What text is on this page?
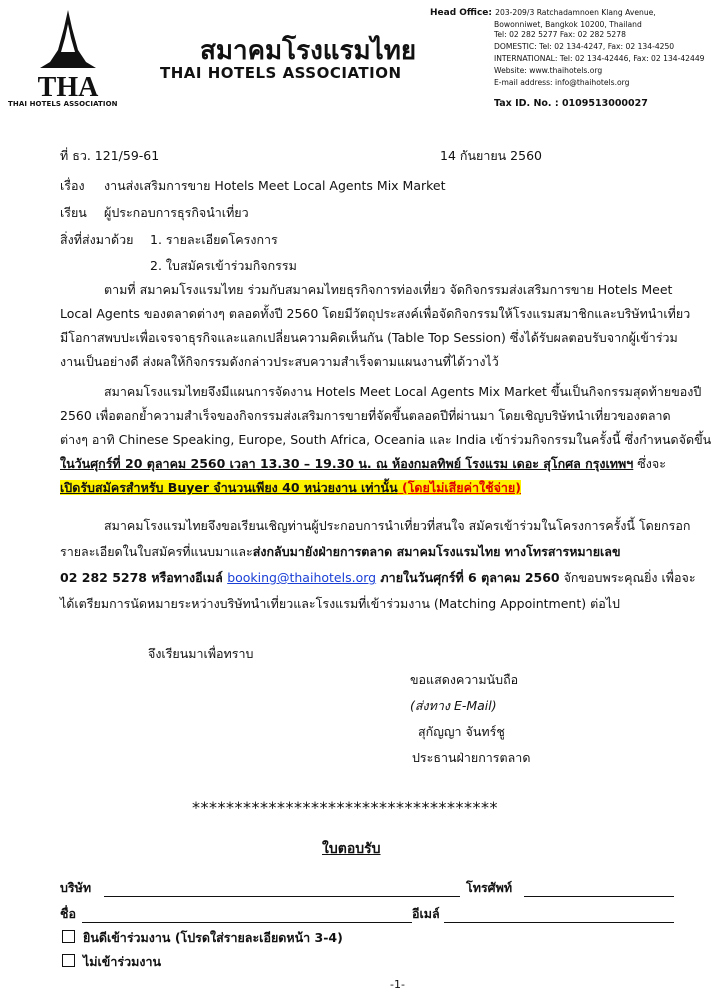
THA
THAI HOTELS ASSOCIATION
สมาคมโรงแรมไทย
THAI HOTELS ASSOCIATION
Head Office: 203-209/3 Ratchadamnoen Klang Avenue,
Bowonniwet, Bangkok 10200, Thailand
Tel: 02 282 5277 Fax: 02 282 5278
DOMESTIC: Tel: 02 134-4247, Fax: 02 134-4250
INTERNATIONAL: Tel: 02 134-42446, Fax: 02 134-42449
Website: www.thaihotels.org
E-mail address: info@thaihotels.org
Tax ID. No. : 0109513000027
ที่ ธว. 121/59-61	14 กันยายน 2560
เรื่อง งานส่งเสริมการขาย Hotels Meet Local Agents Mix Market
เรียน ผู้ประกอบการธุรกิจนำเที่ยว
สิ่งที่ส่งมาด้วย 1. รายละเอียดโครงการ
2. ใบสมัครเข้าร่วมกิจกรรม
ตามที่ สมาคมโรงแรมไทย ร่วมกับสมาคมไทยธุรกิจการท่องเที่ยว จัดกิจกรรมส่งเสริมการขาย Hotels Meet
Local Agents ของตลาดต่างๆ ตลอดทั้งปี 2560 โดยมีวัตถุประสงค์เพื่อจัดกิจกรรมให้โรงแรมสมาชิกและบริษัทนำเที่ยว
มีโอกาสพบปะเพื่อเจรจาธุรกิจและแลกเปลี่ยนความคิดเห็นกัน (Table Top Session) ซึ่งได้รับผลตอบรับจากผู้เข้าร่วม
งานเป็นอย่างดี ส่งผลให้กิจกรรมดังกล่าวประสบความสำเร็จตามแผนงานที่ได้วางไว้
สมาคมโรงแรมไทยจึงมีแผนการจัดงาน Hotels Meet Local Agents Mix Market ขึ้นเป็นกิจกรรมสุดท้ายของปี
2560 เพื่อตอกย้ำความสำเร็จของกิจกรรมส่งเสริมการขายที่จัดขึ้นตลอดปีที่ผ่านมา โดยเชิญบริษัทนำเที่ยวของตลาด
ต่างๆ อาทิ Chinese Speaking, Europe, South Africa, Oceania และ India เข้าร่วมกิจกรรมในครั้งนี้ ซึ่งกำหนดจัดขึ้น
ในวันศุกร์ที่ 20 ตุลาคม 2560 เวลา 13.30 – 19.30 น. ณ ห้องกมลทิพย์ โรงแรม เดอะ สุโกศล กรุงเทพฯ ซึ่งจะ
เปิดรับสมัครสำหรับ Buyer จำนวนเพียง 40 หน่วยงาน เท่านั้น (โดยไม่เสียค่าใช้จ่าย)
สมาคมโรงแรมไทยจึงขอเรียนเชิญท่านผู้ประกอบการนำเที่ยวที่สนใจ สมัครเข้าร่วมในโครงการครั้งนี้ โดยกรอก
รายละเอียดในใบสมัครที่แนบมาและส่งกลับมายังฝ่ายการตลาด สมาคมโรงแรมไทย ทางโทรสารหมายเลข
02 282 5278 หรือทางอีเมล์ booking@thaihotels.org ภายในวันศุกร์ที่ 6 ตุลาคม 2560 จักขอบพระคุณยิ่ง เพื่อจะ
ได้เตรียมการนัดหมายระหว่างบริษัทนำเที่ยวและโรงแรมที่เข้าร่วมงาน (Matching Appointment) ต่อไป
จึงเรียนมาเพื่อทราบ
ขอแสดงความนับถือ
(ส่งทาง E-Mail)
สุกัญญา จันทร์ชู
ประธานฝ่ายการตลาด
************************************
ใบตอบรับ
บริษัท	โทรศัพท์
ชื่อ	อีเมล์
ยินดีเข้าร่วมงาน (โปรดใส่รายละเอียดหน้า 3-4)
ไม่เข้าร่วมงาน
-1-
